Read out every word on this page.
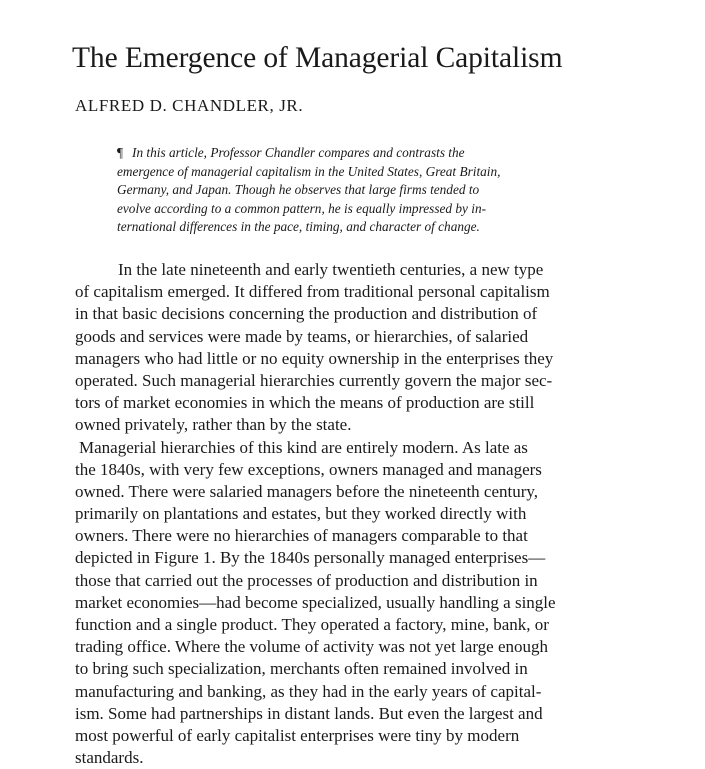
The Emergence of Managerial Capitalism
ALFRED D. CHANDLER, JR.
¶ In this article, Professor Chandler compares and contrasts the
emergence of managerial capitalism in the United States, Great Britain,
Germany, and Japan. Though he observes that large firms tended to
evolve according to a common pattern, he is equally impressed by in-
ternational differences in the pace, timing, and character of change.
In the late nineteenth and early twentieth centuries, a new type
of capitalism emerged. It differed from traditional personal capitalism
in that basic decisions concerning the production and distribution of
goods and services were made by teams, or hierarchies, of salaried
managers who had little or no equity ownership in the enterprises they
operated. Such managerial hierarchies currently govern the major sec-
tors of market economies in which the means of production are still
owned privately, rather than by the state.
Managerial hierarchies of this kind are entirely modern. As late as
the 1840s, with very few exceptions, owners managed and managers
owned. There were salaried managers before the nineteenth century,
primarily on plantations and estates, but they worked directly with
owners. There were no hierarchies of managers comparable to that
depicted in Figure 1. By the 1840s personally managed enterprises—
those that carried out the processes of production and distribution in
market economies—had become specialized, usually handling a single
function and a single product. They operated a factory, mine, bank, or
trading office. Where the volume of activity was not yet large enough
to bring such specialization, merchants often remained involved in
manufacturing and banking, as they had in the early years of capital-
ism. Some had partnerships in distant lands. But even the largest and
most powerful of early capitalist enterprises were tiny by modern
standards.
